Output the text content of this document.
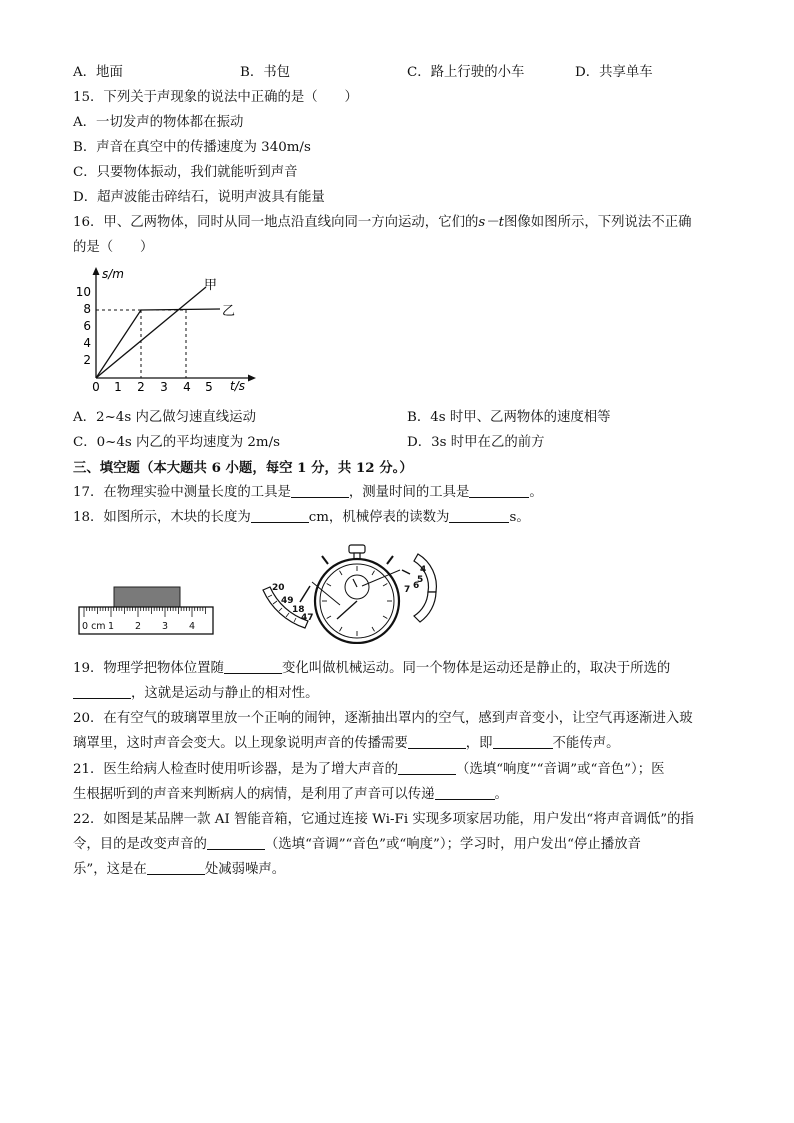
A．地面	B．书包	C．路上行驶的小车	D．共享单车
15．下列关于声现象的说法中正确的是（　　）
A．一切发声的物体都在振动
B．声音在真空中的传播速度为 340m/s
C．只要物体振动，我们就能听到声音
D．超声波能击碎结石，说明声波具有能量
16．甲、乙两物体，同时从同一地点沿直线向同一方向运动，它们的s－t图像如图所示，下列说法不正确
的是（　　）
s/m
t/s
10
8
6
4
2
0 1 2 3 4 5
甲
乙
A．2~4s 内乙做匀速直线运动	B．4s 时甲、乙两物体的速度相等
C．0~4s 内乙的平均速度为 2m/s	D．3s 时甲在乙的前方
三、填空题（本大题共 6 小题，每空 1 分，共 12 分。）
17．在物理实验中测量长度的工具是	，测量时间的工具是	。
18．如图所示，木块的长度为	cm，机械停表的读数为	s。
0 cm 1 2 3 4
20
49
18
47
4
5
6
7
19．物理学把物体位置随	变化叫做机械运动。同一个物体是运动还是静止的，取决于所选的
，这就是运动与静止的相对性。
20．在有空气的玻璃罩里放一个正响的闹钟，逐渐抽出罩内的空气，感到声音变小，让空气再逐渐进入玻
璃罩里，这时声音会变大。以上现象说明声音的传播需要	，即	不能传声。
21．医生给病人检查时使用听诊器，是为了增大声音的	（选填“响度”“音调”或“音色”）；医
生根据听到的声音来判断病人的病情，是利用了声音可以传递	。
22．如图是某品牌一款 AI 智能音箱，它通过连接 Wi-Fi 实现多项家居功能，用户发出“将声音调低”的指
令，目的是改变声音的	（选填“音调”“音色”或“响度”）；学习时，用户发出“停止播放音
乐”，这是在	处减弱噪声。
